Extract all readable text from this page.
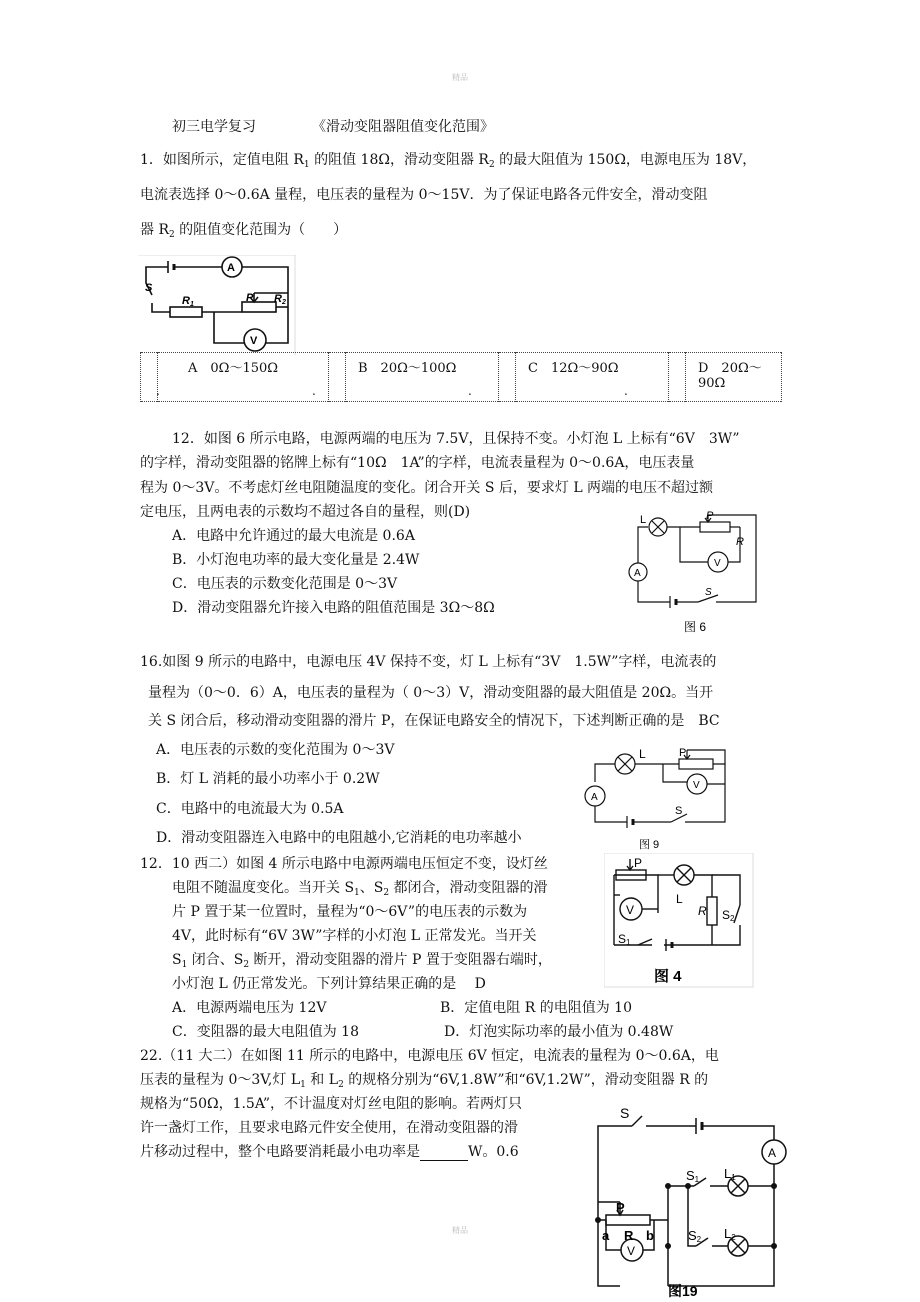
精品
初三电学复习	《滑动变阻器阻值变化范围》
1．如图所示，定值电阻 $R_1$ 的阻值 18Ω，滑动变阻器 $R_2$ 的最大阻值为 150Ω，电源电压为 18V，
电流表选择 0～0.6A 量程，电压表的量程为 0～15V．为了保证电路各元件安全，滑动变阻
器 $R_2$ 的阻值变化范围为（　　）
S
R1
P R2
A
V
	A　0Ω～150Ω		B　20Ω～100Ω		C　12Ω～90Ω		D　20Ω～90Ω
.	.	.	.
12．如图 6 所示电路，电源两端的电压为 7.5V，且保持不变。小灯泡 L 上标有“6V　3W”
的字样，滑动变阻器的铭牌上标有“10Ω　1A”的字样，电流表量程为 0～0.6A，电压表量
程为 0～3V。不考虑灯丝电阻随温度的变化。闭合开关 S 后，要求灯 L 两端的电压不超过额
定电压，且两电表的示数均不超过各自的量程，则(D)
A．电路中允许通过的最大电流是 0.6A
B．小灯泡电功率的最大变化量是 2.4W
C．电压表的示数变化范围是 0～3V
D．滑动变阻器允许接入电路的阻值范围是 3Ω～8Ω
L	P
R
V
A
S
图 6
16.如图 9 所示的电路中，电源电压 4V 保持不变，灯 L 上标有“3V　1.5W”字样，电流表的
量程为（0～0．6）A，电压表的量程为（ 0～3）V，滑动变阻器的最大阻值是 20Ω。当开
关 S 闭合后，移动滑动变阻器的滑片 P，在保证电路安全的情况下，下述判断正确的是　BC
A．电压表的示数的变化范围为 0～3V
B．灯 L 消耗的最小功率小于 0.2W
C．电路中的电流最大为 0.5A
D．滑动变阻器连入电路中的电阻越小,它消耗的电功率越小
L	P
V
A
S
图 9
12．10 西二）如图 4 所示电路中电源两端电压恒定不变，设灯丝
电阻不随温度变化。当开关 $S_1$、$S_2$ 都闭合，滑动变阻器的滑
片 P 置于某一位置时，量程为“0～6V”的电压表的示数为
4V，此时标有“6V 3W”字样的小灯泡 L 正常发光。当开关
$S_1$ 闭合、$S_2$ 断开，滑动变阻器的滑片 P 置于变阻器右端时，
小灯泡 L 仍正常发光。下列计算结果正确的是　 D
A．电源两端电压为 12V	B．定值电阻 R 的电阻值为 10
C．变阻器的最大电阻值为 18	D．灯泡实际功率的最小值为 0.48W
P
V
L
R S2
S1
图 4
22.（11 大二）在如图 11 所示的电路中，电源电压 6V 恒定，电流表的量程为 0～0.6A，电
压表的量程为 0～3V,灯 $L_1$ 和 $L_2$ 的规格分别为“6V,1.8W”和“6V,1.2W”，滑动变阻器 R 的
规格为“50Ω，1.5A”，不计温度对灯丝电阻的影响。若两灯只
许一盏灯工作，且要求电路元件安全使用，在滑动变阻器的滑
片移动过程中，整个电路要消耗最小电功率是	W。0.6
精品
S
A
S1 L1
P
a R b
V
S2 L2
图19
